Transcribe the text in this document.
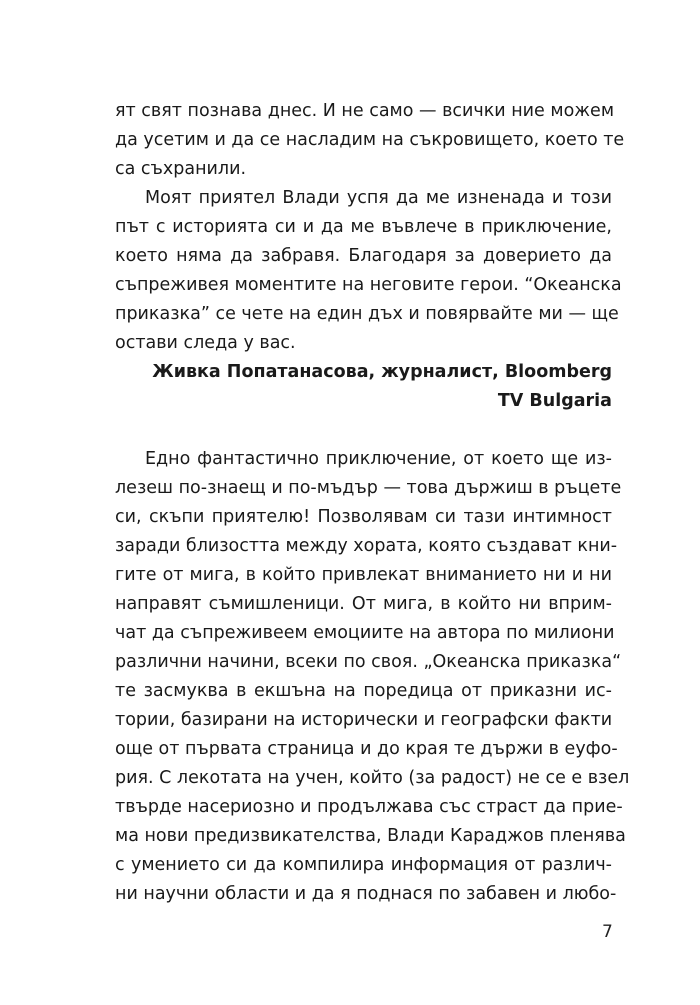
ят свят познава днес. И не само — всички ние можем
да усетим и да се насладим на съкровището, което те
са съхранили.
Моят приятел Влади успя да ме изненада и този
път с историята си и да ме въвлече в приключение,
което няма да забравя. Благодаря за доверието да
съпреживея моментите на неговите герои. “Океанска
приказка” се чете на един дъх и повярвайте ми — ще
остави следа у вас.
Живка Попатанасова, журналист, Bloomberg
TV Bulgaria
Едно фантастично приключение, от което ще из-
лезеш по-знаещ и по-мъдър — това държиш в ръцете
си, скъпи приятелю! Позволявам си тази интимност
заради близостта между хората, която създават кни-
гите от мига, в който привлекат вниманието ни и ни
направят съмишленици. От мига, в който ни вприм-
чат да съпреживеем емоциите на автора по милиони
различни начини, всеки по своя. „Океанска приказка“
те засмуква в екшъна на поредица от приказни ис-
тории, базирани на исторически и географски факти
още от първата страница и до края те държи в еуфо-
рия. С лекотата на учен, който (за радост) не се е взел
твърде насериозно и продължава със страст да прие-
ма нови предизвикателства, Влади Караджов пленява
с умението си да компилира информация от различ-
ни научни области и да я поднася по забавен и любо-
7
